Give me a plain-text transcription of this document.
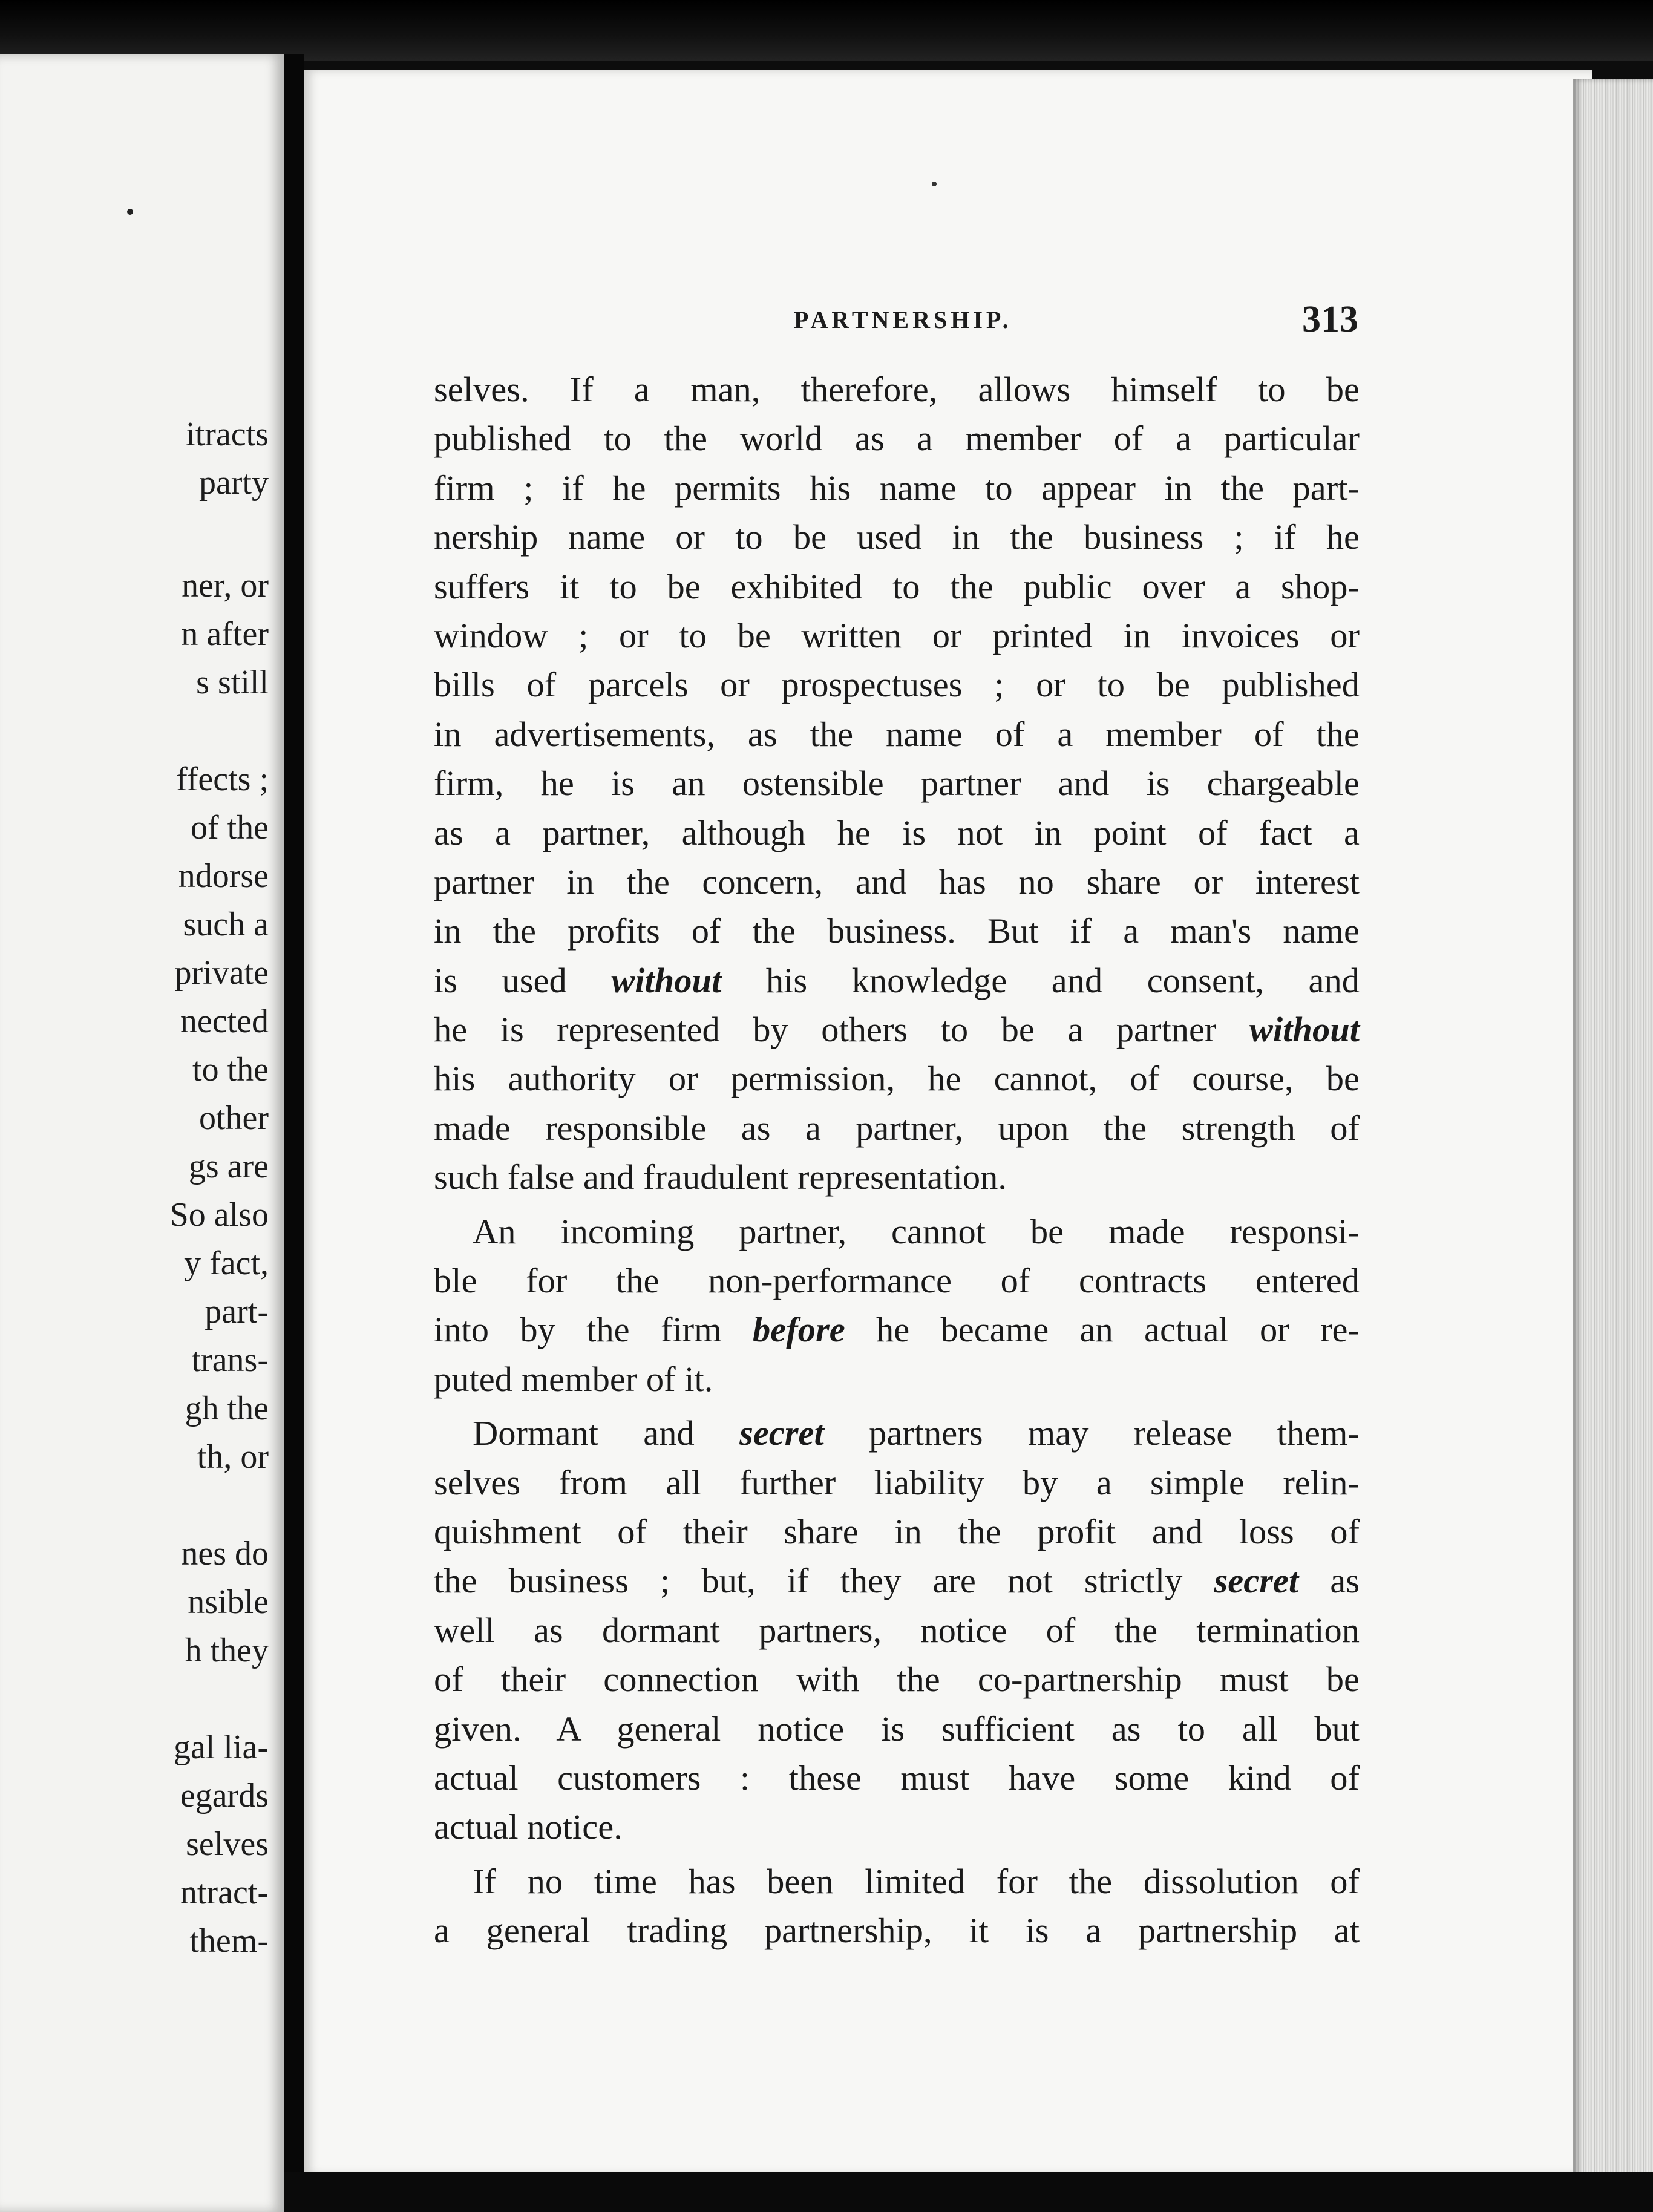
itracts
party
ner, or
n after
s still
ffects ;
of the
ndorse
such a
private
nected
to the
other
gs are
So also
y fact,
part-
trans-
gh the
th, or
nes do
nsible
h they
gal lia-
egards
selves
ntract-
them-
PARTNERSHIP.	313
selves. If a man, therefore, allows himself to be
published to the world as a member of a particular
firm ; if he permits his name to appear in the part-
nership name or to be used in the business ; if he
suffers it to be exhibited to the public over a shop-
window ; or to be written or printed in invoices or
bills of parcels or prospectuses ; or to be published
in advertisements, as the name of a member of the
firm, he is an ostensible partner and is chargeable
as a partner, although he is not in point of fact a
partner in the concern, and has no share or interest
in the profits of the business. But if a man's name
is used without his knowledge and consent, and
he is represented by others to be a partner without
his authority or permission, he cannot, of course, be
made responsible as a partner, upon the strength of
such false and fraudulent representation.
An incoming partner, cannot be made responsi-
ble for the non-performance of contracts entered
into by the firm before he became an actual or re-
puted member of it.
Dormant and secret partners may release them-
selves from all further liability by a simple relin-
quishment of their share in the profit and loss of
the business ; but, if they are not strictly secret as
well as dormant partners, notice of the termination
of their connection with the co-partnership must be
given. A general notice is sufficient as to all but
actual customers : these must have some kind of
actual notice.
If no time has been limited for the dissolution of
a general trading partnership, it is a partnership at
